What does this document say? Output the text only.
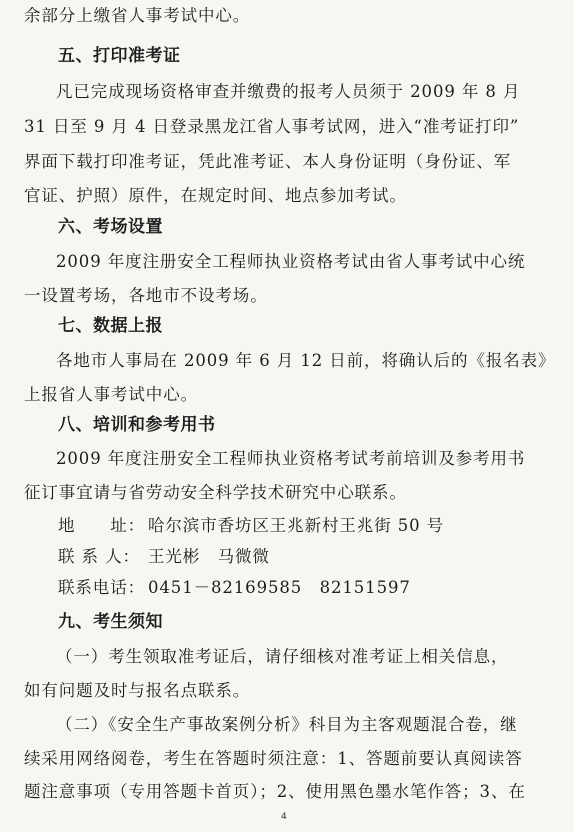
余部分上缴省人事考试中心。
五、打印准考证
凡已完成现场资格审查并缴费的报考人员须于 2009 年 8 月
31 日至 9 月 4 日登录黑龙江省人事考试网，进入“准考证打印”
界面下载打印准考证，凭此准考证、本人身份证明（身份证、军
官证、护照）原件，在规定时间、地点参加考试。
六、考场设置
2009 年度注册安全工程师执业资格考试由省人事考试中心统
一设置考场，各地市不设考场。
七、数据上报
各地市人事局在 2009 年 6 月 12 日前，将确认后的《报名表》
上报省人事考试中心。
八、培训和参考用书
2009 年度注册安全工程师执业资格考试考前培训及参考用书
征订事宜请与省劳动安全科学技术研究中心联系。
地　　址： 哈尔滨市香坊区王兆新村王兆街 50 号
联 系 人： 王光彬　马微微
联系电话： 0451－82169585　82151597
九、考生须知
（一）考生领取准考证后，请仔细核对准考证上相关信息，
如有问题及时与报名点联系。
（二）《安全生产事故案例分析》科目为主客观题混合卷，继
续采用网络阅卷，考生在答题时须注意：1、答题前要认真阅读答
题注意事项（专用答题卡首页）；2、使用黑色墨水笔作答；3、在
4
